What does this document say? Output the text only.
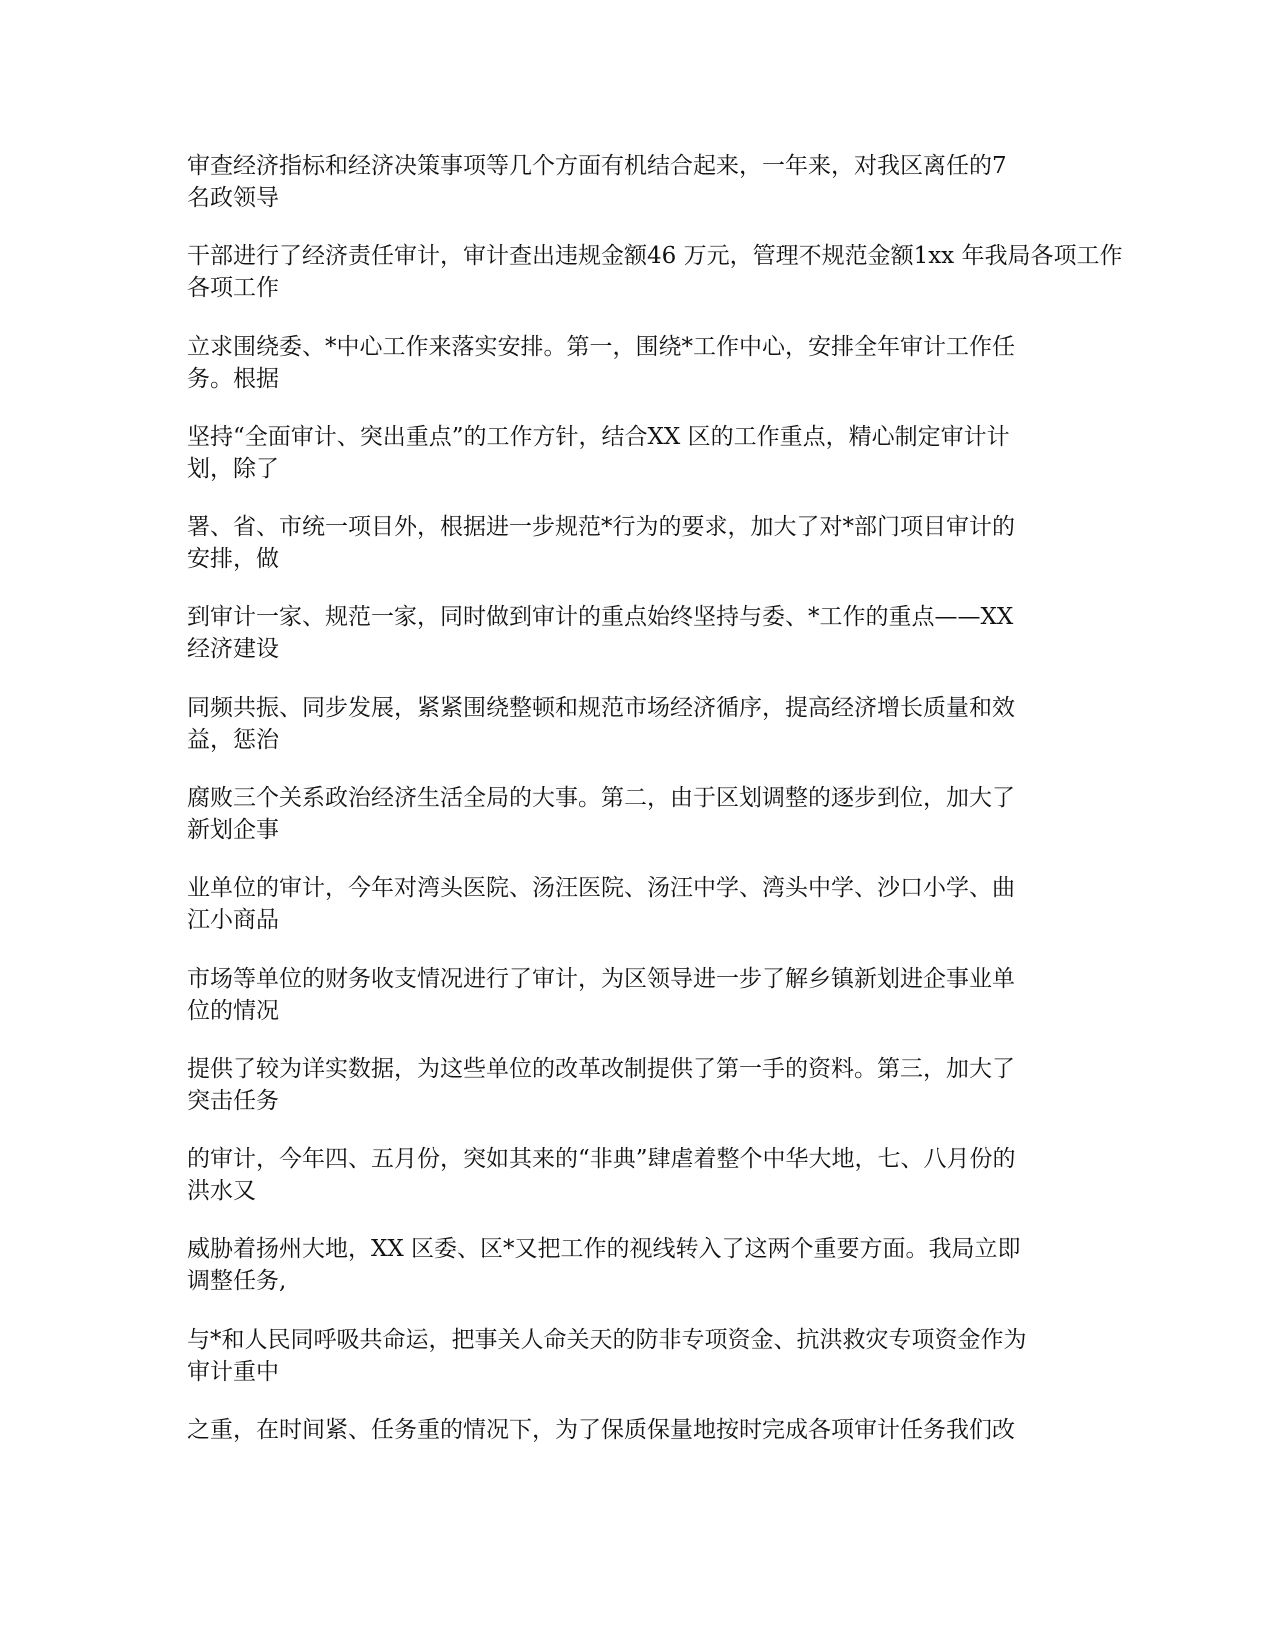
审查经济指标和经济决策事项等几个方面有机结合起来，一年来，对我区离任的7
名政领导

干部进行了经济责任审计，审计查出违规金额46 万元，管理不规范金额1xx 年我局各项工作
各项工作

立求围绕委、*中心工作来落实安排。第一，围绕*工作中心，安排全年审计工作任
务。根据

坚持“全面审计、突出重点”的工作方针，结合XX 区的工作重点，精心制定审计计
划，除了

署、省、市统一项目外，根据进一步规范*行为的要求，加大了对*部门项目审计的
安排，做

到审计一家、规范一家，同时做到审计的重点始终坚持与委、*工作的重点——XX
经济建设

同频共振、同步发展，紧紧围绕整顿和规范市场经济循序，提高经济增长质量和效
益，惩治

腐败三个关系政治经济生活全局的大事。第二，由于区划调整的逐步到位，加大了
新划企事

业单位的审计，今年对湾头医院、汤汪医院、汤汪中学、湾头中学、沙口小学、曲
江小商品

市场等单位的财务收支情况进行了审计，为区领导进一步了解乡镇新划进企事业单
位的情况

提供了较为详实数据，为这些单位的改革改制提供了第一手的资料。第三，加大了
突击任务

的审计，今年四、五月份，突如其来的“非典”肆虐着整个中华大地，七、八月份的
洪水又

威胁着扬州大地，XX 区委、区*又把工作的视线转入了这两个重要方面。我局立即
调整任务,

与*和人民同呼吸共命运，把事关人命关天的防非专项资金、抗洪救灾专项资金作为
审计重中

之重，在时间紧、任务重的情况下，为了保质保量地按时完成各项审计任务我们改
